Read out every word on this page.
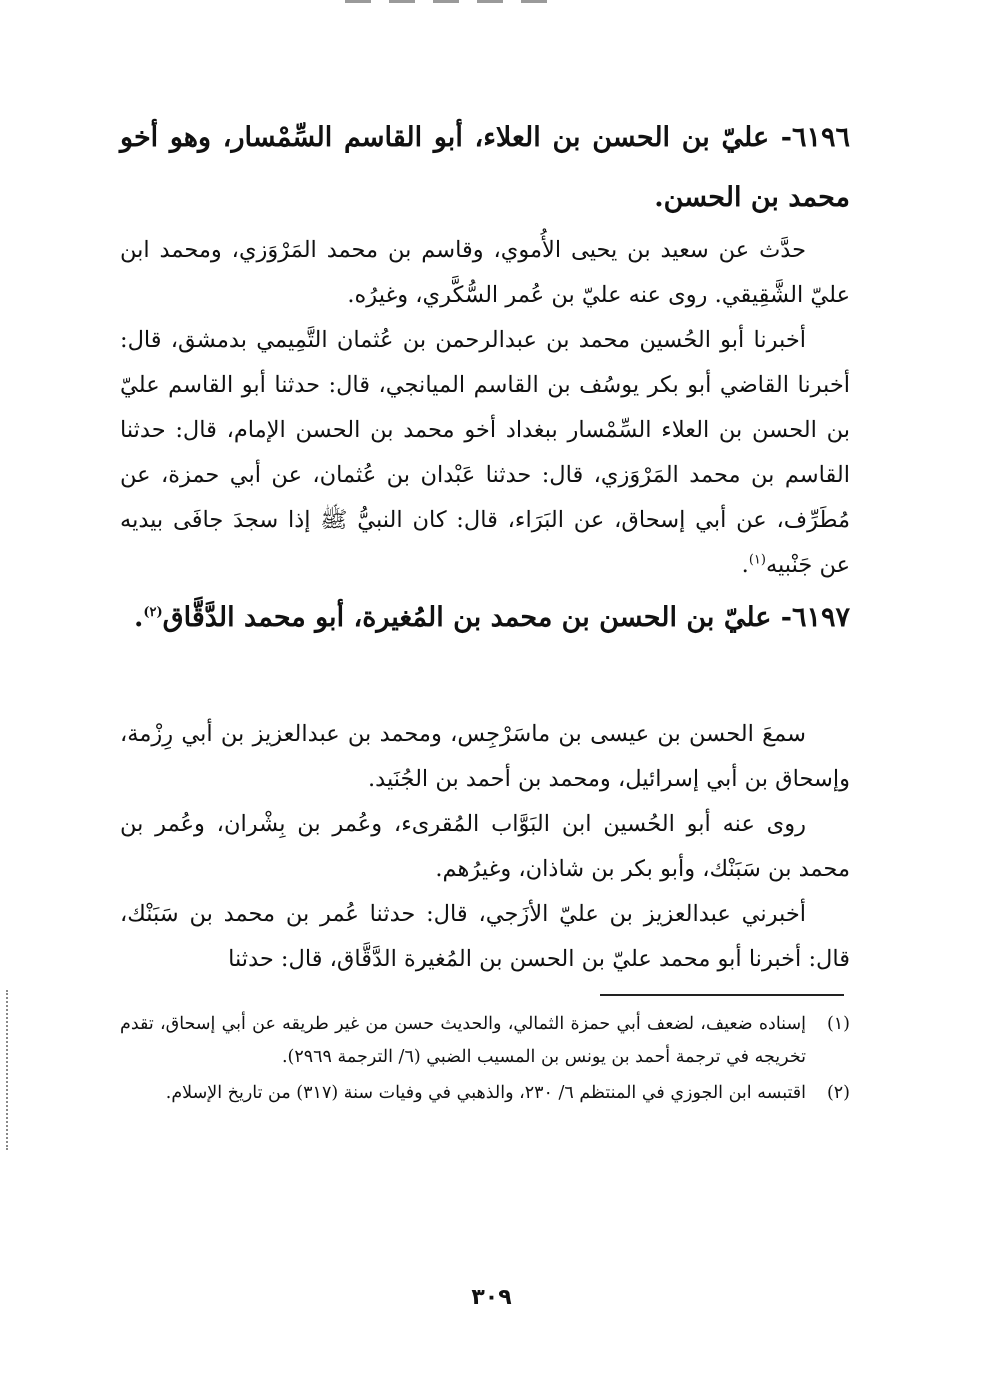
٦١٩٦- عليّ بن الحسن بن العلاء، أبو القاسم السِّمْسار، وهو أخو محمد بن الحسن.
حدَّث عن سعيد بن يحيى الأُموي، وقاسم بن محمد المَرْوَزي، ومحمد ابن عليّ الشَّقِيقي. روى عنه عليّ بن عُمر السُّكَّري، وغيرُه.
أخبرنا أبو الحُسين محمد بن عبدالرحمن بن عُثمان التَّمِيمي بدمشق، قال: أخبرنا القاضي أبو بكر يوسُف بن القاسم الميانجي، قال: حدثنا أبو القاسم عليّ بن الحسن بن العلاء السِّمْسار ببغداد أخو محمد بن الحسن الإمام، قال: حدثنا القاسم بن محمد المَرْوَزي، قال: حدثنا عَبْدان بن عُثمان، عن أبي حمزة، عن مُطَرِّف، عن أبي إسحاق، عن البَرَاء، قال: كان النبيُّ ﷺ إذا سجدَ جافَى بيديه عن جَنْبيه$^{(١)}$.
٦١٩٧- عليّ بن الحسن بن محمد بن المُغيرة، أبو محمد الدَّقَّاق$^{(٢)}$.
سمعَ الحسن بن عيسى بن ماسَرْجِس، ومحمد بن عبدالعزيز بن أبي رِزْمة، وإسحاق بن أبي إسرائيل، ومحمد بن أحمد بن الجُنَيد.
روى عنه أبو الحُسين ابن البَوَّاب المُقرىء، وعُمر بن بِشْران، وعُمر بن محمد بن سَبَنْك، وأبو بكر بن شاذان، وغيرُهم.
أخبرني عبدالعزيز بن عليّ الأزَجي، قال: حدثنا عُمر بن محمد بن سَبَنْك، قال: أخبرنا أبو محمد عليّ بن الحسن بن المُغيرة الدَّقَّاق، قال: حدثنا
(١)
إسناده ضعيف، لضعف أبي حمزة الثمالي، والحديث حسن من غير طريقه عن أبي إسحاق، تقدم تخريجه في ترجمة أحمد بن يونس بن المسيب الضبي (٦/ الترجمة ٢٩٦٩).
(٢)
اقتبسه ابن الجوزي في المنتظم ٦/ ٢٣٠، والذهبي في وفيات سنة (٣١٧) من تاريخ الإسلام.
٣٠٩
